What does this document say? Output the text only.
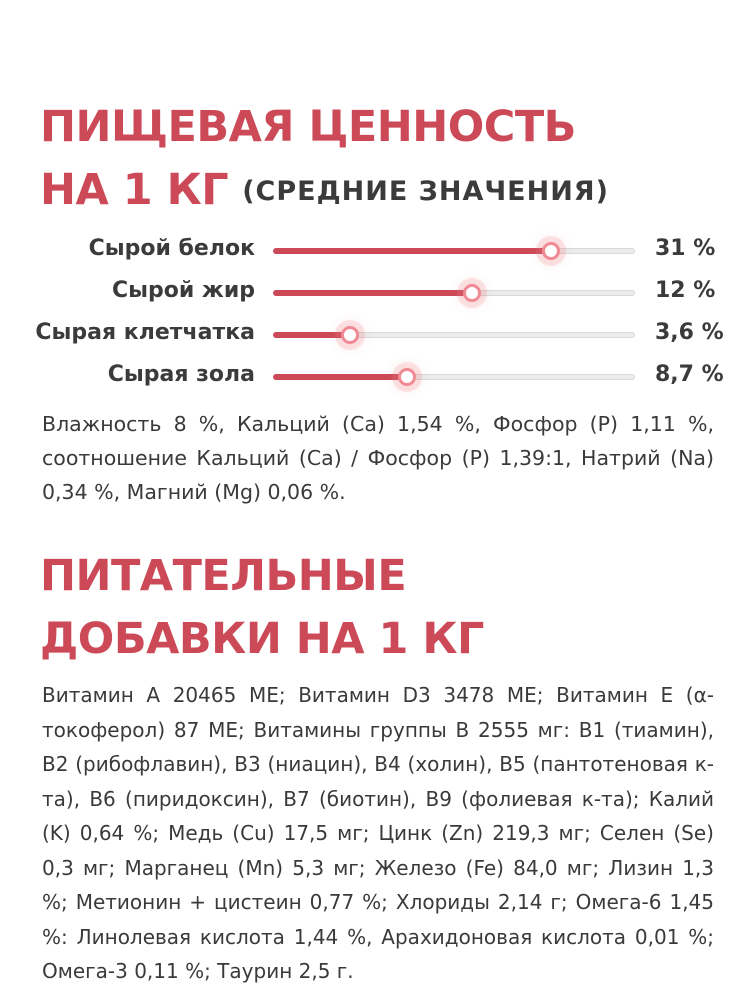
ПИЩЕВАЯ ЦЕННОСТЬ
НА 1 КГ (СРЕДНИЕ ЗНАЧЕНИЯ)
Сырой белок	31 %
Сырой жир	12 %
Сырая клетчатка	3,6 %
Сырая зола	8,7 %

Влажность 8 %, Кальций (Ca) 1,54 %, Фосфор (P) 1,11 %, соотношение Кальций (Ca) / Фосфор (P) 1,39:1, Натрий (Na) 0,34 %, Магний (Mg) 0,06 %.

ПИТАТЕЛЬНЫЕ
ДОБАВКИ НА 1 КГ

Витамин A 20465 МЕ; Витамин D3 3478 МЕ; Витамин E (α-токоферол) 87 МЕ; Витамины группы B 2555 мг: B1 (тиамин), B2 (рибофлавин), B3 (ниацин), B4 (холин), B5 (пантотеновая к-та), B6 (пиридоксин), B7 (биотин), B9 (фолиевая к-та); Калий (K) 0,64 %; Медь (Cu) 17,5 мг; Цинк (Zn) 219,3 мг; Селен (Se) 0,3 мг; Марганец (Mn) 5,3 мг; Железо (Fe) 84,0 мг; Лизин 1,3 %; Метионин + цистеин 0,77 %; Хлориды 2,14 г; Омега-6 1,45 %: Линолевая кислота 1,44 %, Арахидоновая кислота 0,01 %; Омега-3 0,11 %; Таурин 2,5 г.
